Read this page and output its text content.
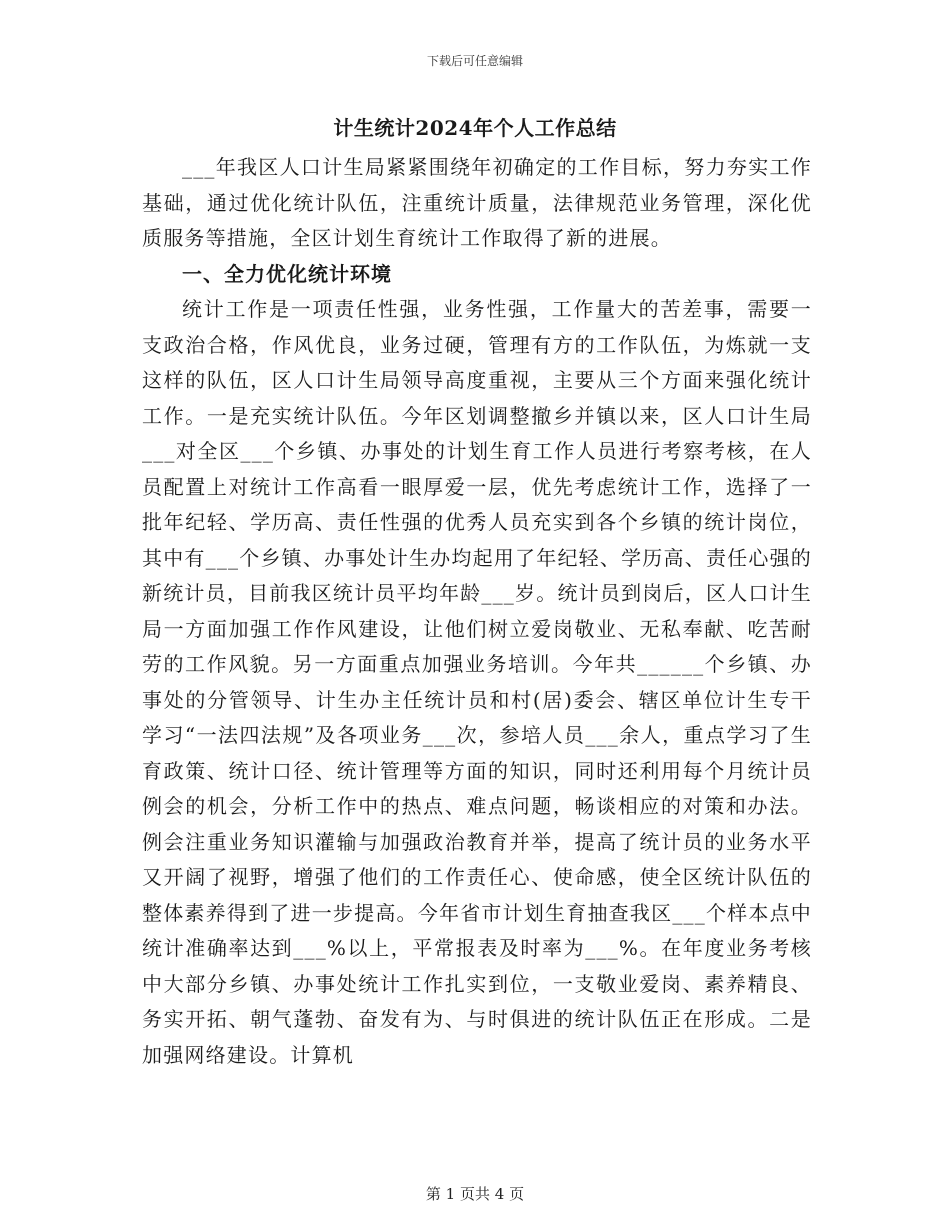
下载后可任意编辑
计生统计2024年个人工作总结

___年我区人口计生局紧紧围绕年初确定的工作目标，努力夯实工作基础，通过优化统计队伍，注重统计质量，法律规范业务管理，深化优质服务等措施，全区计划生育统计工作取得了新的进展。

一、全力优化统计环境

统计工作是一项责任性强，业务性强，工作量大的苦差事，需要一支政治合格，作风优良，业务过硬，管理有方的工作队伍，为炼就一支这样的队伍，区人口计生局领导高度重视，主要从三个方面来强化统计工作。一是充实统计队伍。今年区划调整撤乡并镇以来，区人口计生局___对全区___个乡镇、办事处的计划生育工作人员进行考察考核，在人员配置上对统计工作高看一眼厚爱一层，优先考虑统计工作，选择了一批年纪轻、学历高、责任性强的优秀人员充实到各个乡镇的统计岗位，其中有___个乡镇、办事处计生办均起用了年纪轻、学历高、责任心强的新统计员，目前我区统计员平均年龄___岁。统计员到岗后，区人口计生局一方面加强工作作风建设，让他们树立爱岗敬业、无私奉献、吃苦耐劳的工作风貌。另一方面重点加强业务培训。今年共______个乡镇、办事处的分管领导、计生办主任统计员和村(居)委会、辖区单位计生专干学习“一法四法规”及各项业务___次，参培人员___余人，重点学习了生育政策、统计口径、统计管理等方面的知识，同时还利用每个月统计员例会的机会，分析工作中的热点、难点问题，畅谈相应的对策和办法。例会注重业务知识灌输与加强政治教育并举，提高了统计员的业务水平又开阔了视野，增强了他们的工作责任心、使命感，使全区统计队伍的整体素养得到了进一步提高。今年省市计划生育抽查我区___个样本点中统计准确率达到___%以上，平常报表及时率为___%。在年度业务考核中大部分乡镇、办事处统计工作扎实到位，一支敬业爱岗、素养精良、务实开拓、朝气蓬勃、奋发有为、与时俱进的统计队伍正在形成。二是加强网络建设。计算机

第 1 页共 4 页
